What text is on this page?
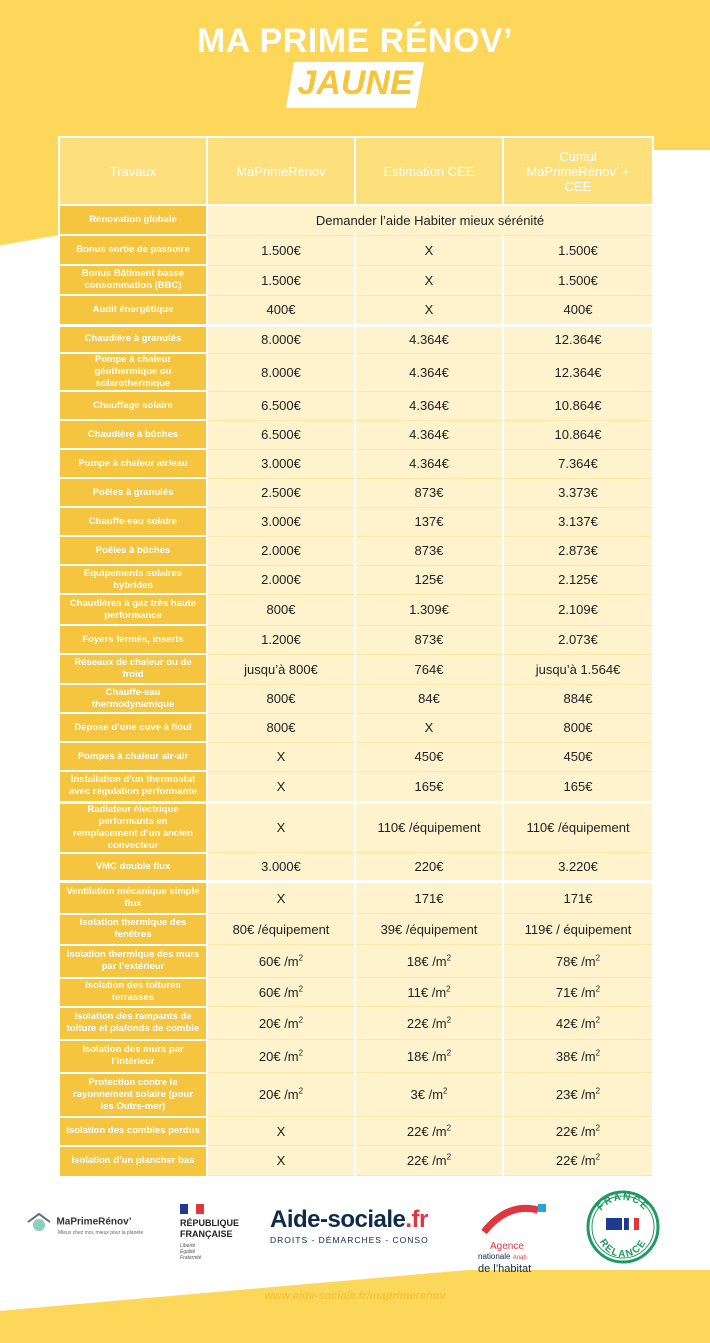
MA PRIME RÉNOV’
JAUNE
Travaux	MaPrimeRénov	Estimation CEE	Cumul MaPrimeRénov’ + CEE
Rénovation globale	Demander l’aide Habiter mieux sérénité		
Bonus sortie de passoire	1.500€	X	1.500€
Bonus Bâtiment basse consommation (BBC)	1.500€	X	1.500€
Audit énergétique	400€	X	400€
Chaudière à granulés	8.000€	4.364€	12.364€
Pompe à chaleur géothermique ou solarothermique	8.000€	4.364€	12.364€
Chauffage solaire	6.500€	4.364€	10.864€
Chaudière à bûches	6.500€	4.364€	10.864€
Pompe à chaleur air/eau	3.000€	4.364€	7.364€
Poêles à granulés	2.500€	873€	3.373€
Chauffe-eau solaire	3.000€	137€	3.137€
Poêles à bûches	2.000€	873€	2.873€
Equipements solaires hybrides	2.000€	125€	2.125€
Chaudières à gaz très haute performance	800€	1.309€	2.109€
Foyers fermés, inserts	1.200€	873€	2.073€
Réseaux de chaleur ou de froid	jusqu’à 800€	764€	jusqu’à 1.564€
Chauffe-eau thermodynamique	800€	84€	884€
Dépose d’une cuve à fioul	800€	X	800€
Pompes à chaleur air-air	X	450€	450€
Installation d’un thermostat avec régulation performante	X	165€	165€
Radiateur électrique performants en remplacement d’un ancien convecteur	X	110€ /équipement	110€ /équipement
VMC double flux	3.000€	220€	3.220€
Ventilation mécanique simple flux	X	171€	171€
Isolation thermique des fenêtres	80€ /équipement	39€ /équipement	119€ / équipement
Isolation thermique des murs par l’extérieur	60€ $/m^2$	18€ $/m^2$	78€ $/m^2$
Isolation des toitures terrasses	60€ $/m^2$	11€ $/m^2$	71€ $/m^2$
Isolation des rampants de toiture et plafonds de comble	20€ $/m^2$	22€ $/m^2$	42€ $/m^2$
Isolation des murs par l’intérieur	20€ $/m^2$	18€ $/m^2$	38€ $/m^2$
Protection contre le rayonnement solaire (pour les Outre-mer)	20€ $/m^2$	3€ $/m^2$	23€ $/m^2$
Isolation des combles perdus	X	22€ $/m^2$	22€ $/m^2$
Isolation d’un plancher bas	X	22€ $/m^2$	22€ $/m^2$
MaPrimeRénov’
Mieux chez moi, mieux pour la planète
RÉPUBLIQUE
FRANÇAISE
Liberté
Égalité
Fraternité
Aide-sociale.fr
DROITS - DÉMARCHES - CONSO
Agence
nationale Anah
de l’habitat
FRANCE
RELANCE
www.aide-sociale.fr/maprimerenov
